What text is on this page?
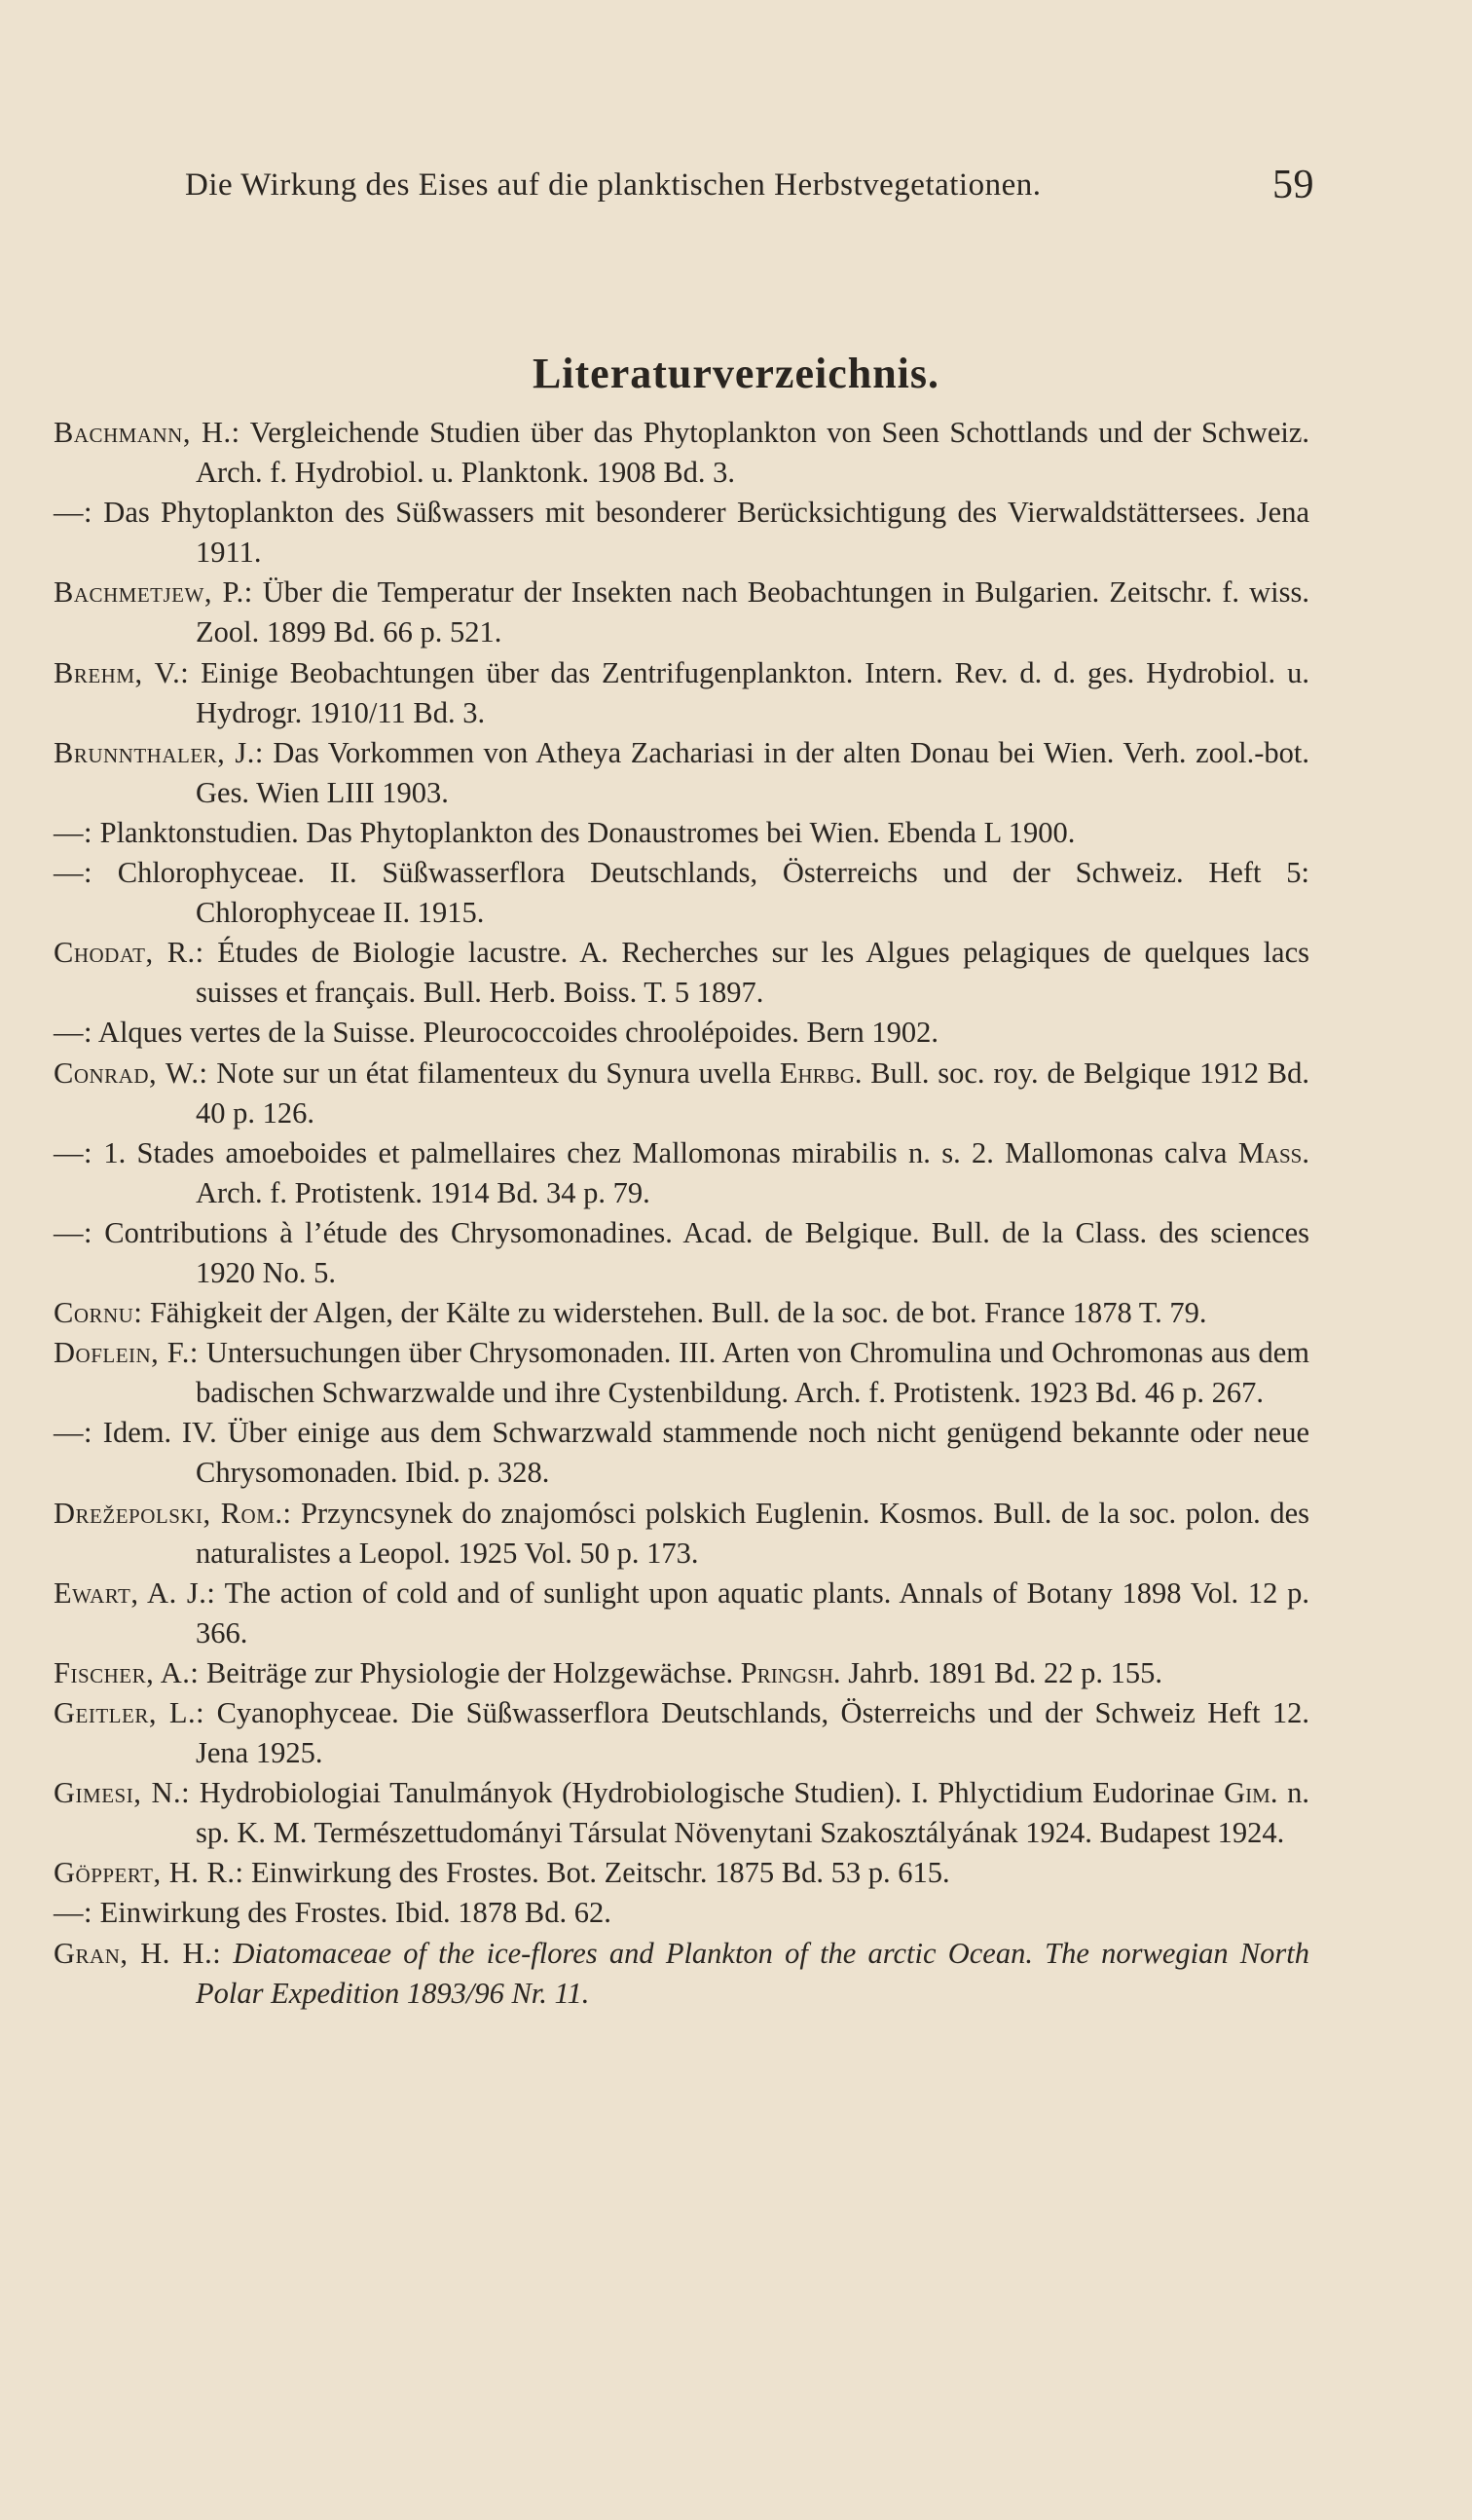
Die Wirkung des Eises auf die planktischen Herbstvegetationen.	59
Literaturverzeichnis.
Bachmann, H.: Vergleichende Studien über das Phytoplankton von Seen Schottlands und der Schweiz. Arch. f. Hydrobiol. u. Planktonk. 1908 Bd. 3.
—: Das Phytoplankton des Süßwassers mit besonderer Berücksichtigung des Vierwaldstättersees. Jena 1911.
Bachmetjew, P.: Über die Temperatur der Insekten nach Beobachtungen in Bulgarien. Zeitschr. f. wiss. Zool. 1899 Bd. 66 p. 521.
Brehm, V.: Einige Beobachtungen über das Zentrifugenplankton. Intern. Rev. d. d. ges. Hydrobiol. u. Hydrogr. 1910/11 Bd. 3.
Brunnthaler, J.: Das Vorkommen von Atheya Zachariasi in der alten Donau bei Wien. Verh. zool.-bot. Ges. Wien LIII 1903.
—: Planktonstudien. Das Phytoplankton des Donaustromes bei Wien. Ebenda L 1900.
—: Chlorophyceae. II. Süßwasserflora Deutschlands, Österreichs und der Schweiz. Heft 5: Chlorophyceae II. 1915.
Chodat, R.: Études de Biologie lacustre. A. Recherches sur les Algues pelagiques de quelques lacs suisses et français. Bull. Herb. Boiss. T. 5 1897.
—: Alques vertes de la Suisse. Pleurococcoides chroolépoides. Bern 1902.
Conrad, W.: Note sur un état filamenteux du Synura uvella Ehrbg. Bull. soc. roy. de Belgique 1912 Bd. 40 p. 126.
—: 1. Stades amoeboides et palmellaires chez Mallomonas mirabilis n. s. 2. Mallomonas calva Mass. Arch. f. Protistenk. 1914 Bd. 34 p. 79.
—: Contributions à l’étude des Chrysomonadines. Acad. de Belgique. Bull. de la Class. des sciences 1920 No. 5.
Cornu: Fähigkeit der Algen, der Kälte zu widerstehen. Bull. de la soc. de bot. France 1878 T. 79.
Doflein, F.: Untersuchungen über Chrysomonaden. III. Arten von Chromulina und Ochromonas aus dem badischen Schwarzwalde und ihre Cystenbildung. Arch. f. Protistenk. 1923 Bd. 46 p. 267.
—: Idem. IV. Über einige aus dem Schwarzwald stammende noch nicht genügend bekannte oder neue Chrysomonaden. Ibid. p. 328.
Drežepolski, Rom.: Przyncsynek do znajomósci polskich Euglenin. Kosmos. Bull. de la soc. polon. des naturalistes a Leopol. 1925 Vol. 50 p. 173.
Ewart, A. J.: The action of cold and of sunlight upon aquatic plants. Annals of Botany 1898 Vol. 12 p. 366.
Fischer, A.: Beiträge zur Physiologie der Holzgewächse. Pringsh. Jahrb. 1891 Bd. 22 p. 155.
Geitler, L.: Cyanophyceae. Die Süßwasserflora Deutschlands, Österreichs und der Schweiz Heft 12. Jena 1925.
Gimesi, N.: Hydrobiologiai Tanulmányok (Hydrobiologische Studien). I. Phlyctidium Eudorinae Gim. n. sp. K. M. Természettudományi Társulat Növenytani Szakosztályának 1924. Budapest 1924.
Göppert, H. R.: Einwirkung des Frostes. Bot. Zeitschr. 1875 Bd. 53 p. 615.
—: Einwirkung des Frostes. Ibid. 1878 Bd. 62.
Gran, H. H.: Diatomaceae of the ice-flores and Plankton of the arctic Ocean. The norwegian North Polar Expedition 1893/96 Nr. 11.
